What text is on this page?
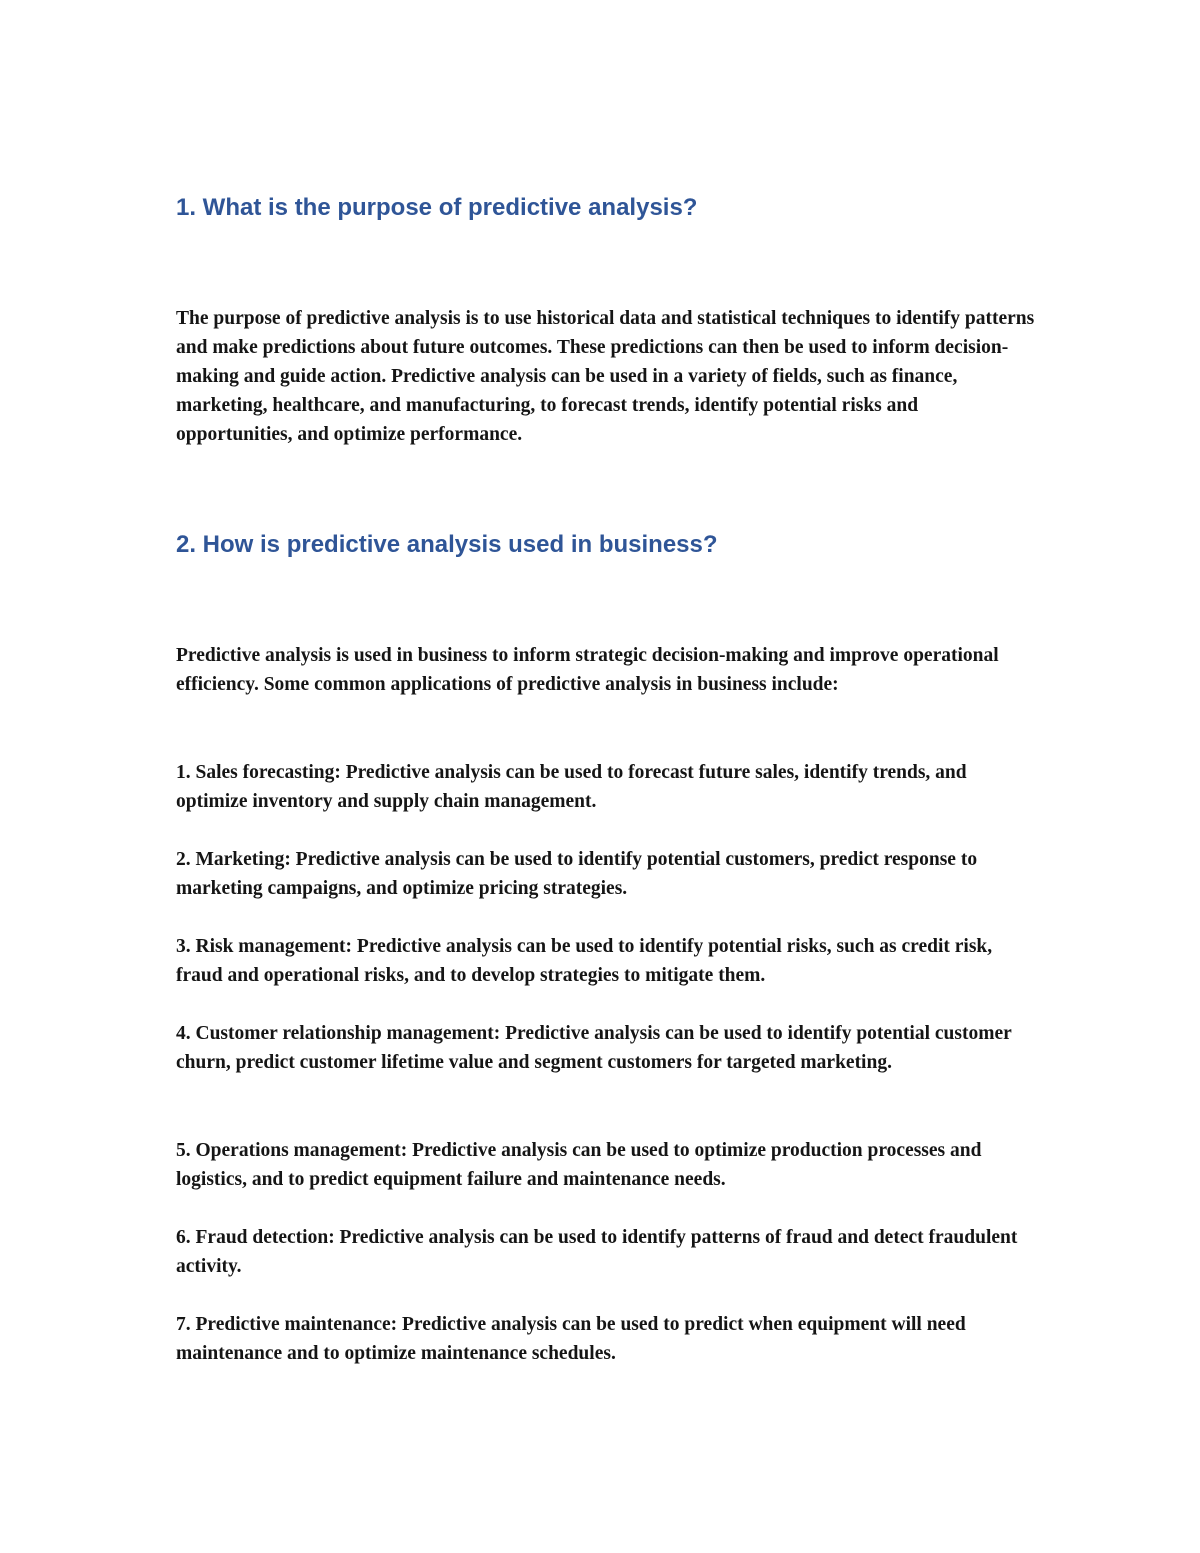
1. What is the purpose of predictive analysis?

The purpose of predictive analysis is to use historical data and statistical techniques to identify patterns and make predictions about future outcomes. These predictions can then be used to inform decision-making and guide action. Predictive analysis can be used in a variety of fields, such as finance, marketing, healthcare, and manufacturing, to forecast trends, identify potential risks and opportunities, and optimize performance.

2. How is predictive analysis used in business?

Predictive analysis is used in business to inform strategic decision-making and improve operational efficiency. Some common applications of predictive analysis in business include:

1. Sales forecasting: Predictive analysis can be used to forecast future sales, identify trends, and optimize inventory and supply chain management.

2. Marketing: Predictive analysis can be used to identify potential customers, predict response to marketing campaigns, and optimize pricing strategies.

3. Risk management: Predictive analysis can be used to identify potential risks, such as credit risk, fraud and operational risks, and to develop strategies to mitigate them.

4. Customer relationship management: Predictive analysis can be used to identify potential customer churn, predict customer lifetime value and segment customers for targeted marketing.

5. Operations management: Predictive analysis can be used to optimize production processes and logistics, and to predict equipment failure and maintenance needs.

6. Fraud detection: Predictive analysis can be used to identify patterns of fraud and detect fraudulent activity.

7. Predictive maintenance: Predictive analysis can be used to predict when equipment will need maintenance and to optimize maintenance schedules.
